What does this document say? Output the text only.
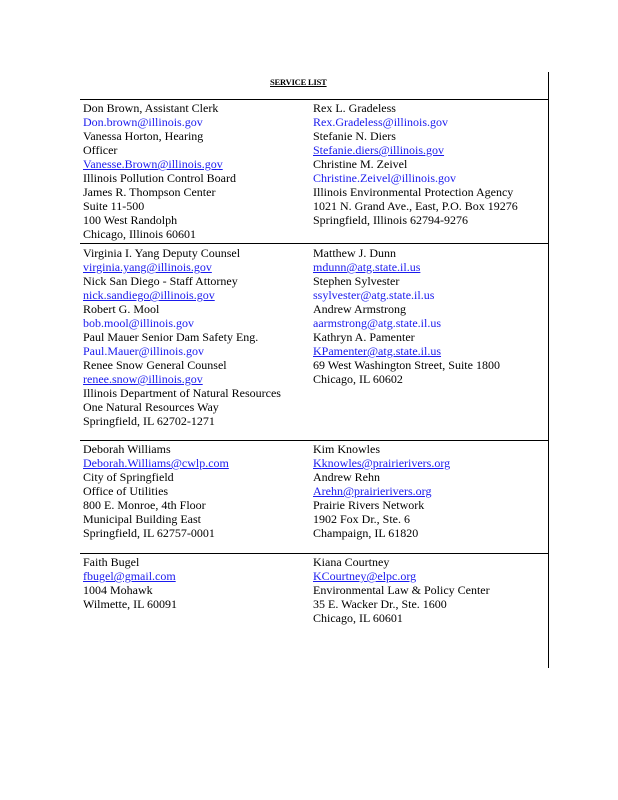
SERVICE LIST
Don Brown, Assistant Clerk
Don.brown@illinois.gov
Vanessa Horton, Hearing
Officer
Vanesse.Brown@illinois.gov
Illinois Pollution Control Board
James R. Thompson Center
Suite 11-500
100 West Randolph
Chicago, Illinois 60601
Rex L. Gradeless
Rex.Gradeless@illinois.gov
Stefanie N. Diers
Stefanie.diers@illinois.gov
Christine M. Zeivel
Christine.Zeivel@illinois.gov
Illinois Environmental Protection Agency
1021 N. Grand Ave., East, P.O. Box 19276
Springfield, Illinois 62794-9276
Virginia I. Yang Deputy Counsel
virginia.yang@illinois.gov
Nick San Diego - Staff Attorney
nick.sandiego@illinois.gov
Robert G. Mool
bob.mool@illinois.gov
Paul Mauer Senior Dam Safety Eng.
Paul.Mauer@illinois.gov
Renee Snow General Counsel
renee.snow@illinois.gov
Illinois Department of Natural Resources
One Natural Resources Way
Springfield, IL 62702-1271
Matthew J. Dunn
mdunn@atg.state.il.us
Stephen Sylvester
ssylvester@atg.state.il.us
Andrew Armstrong
aarmstrong@atg.state.il.us
Kathryn A. Pamenter
KPamenter@atg.state.il.us
69 West Washington Street, Suite 1800
Chicago, IL 60602
Deborah Williams
Deborah.Williams@cwlp.com
City of Springfield
Office of Utilities
800 E. Monroe, 4th Floor
Municipal Building East
Springfield, IL 62757-0001
Kim Knowles
Kknowles@prairierivers.org
Andrew Rehn
Arehn@prairierivers.org
Prairie Rivers Network
1902 Fox Dr., Ste. 6
Champaign, IL 61820
Faith Bugel
fbugel@gmail.com
1004 Mohawk
Wilmette, IL 60091
Kiana Courtney
KCourtney@elpc.org
Environmental Law & Policy Center
35 E. Wacker Dr., Ste. 1600
Chicago, IL 60601
